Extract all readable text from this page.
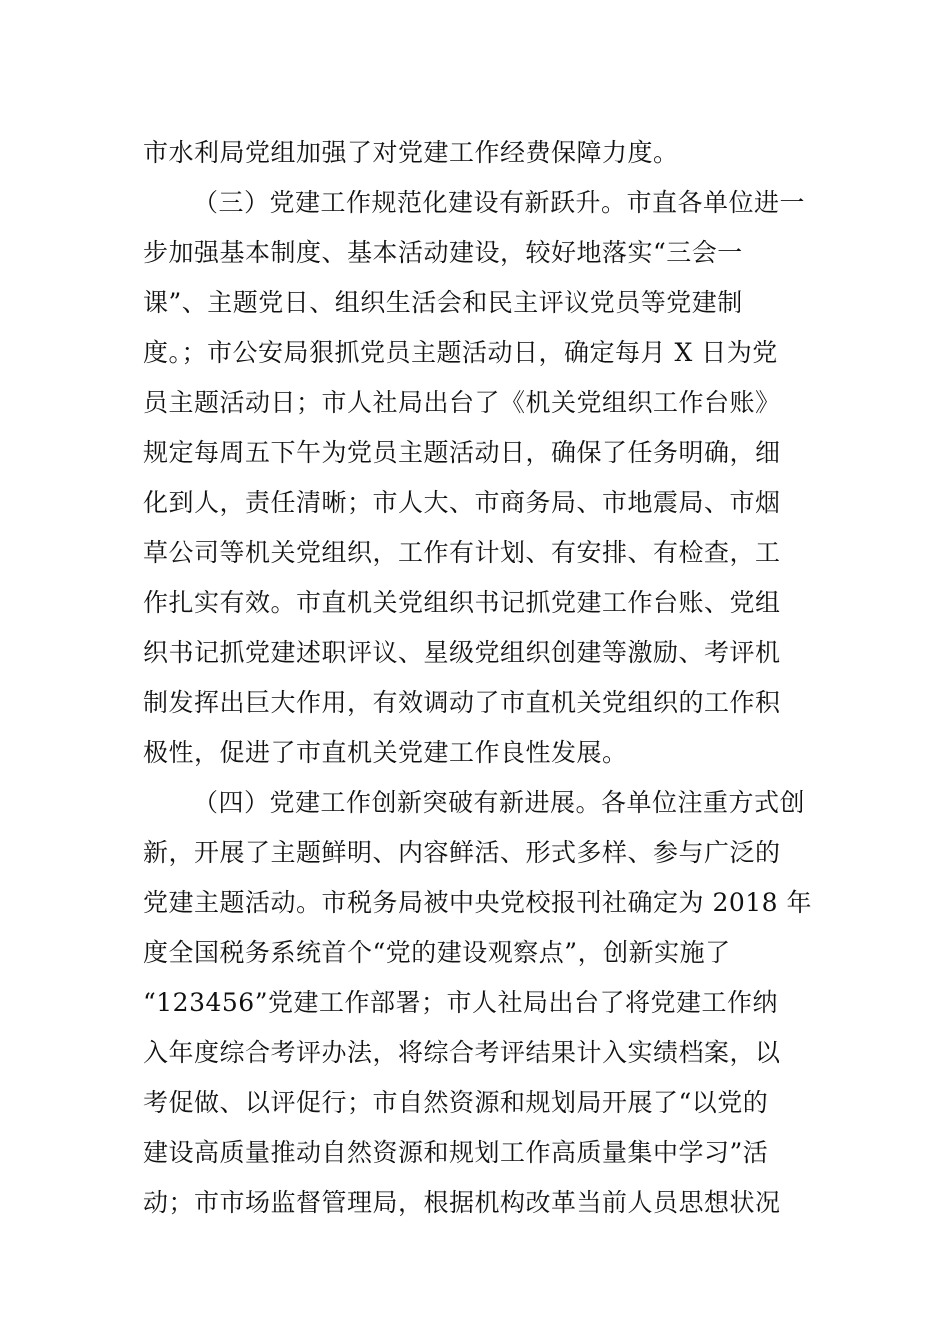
市水利局党组加强了对党建工作经费保障力度。
（三）党建工作规范化建设有新跃升。市直各单位进一
步加强基本制度、基本活动建设，较好地落实“三会一
课”、主题党日、组织生活会和民主评议党员等党建制
度。；市公安局狠抓党员主题活动日，确定每月 X 日为党
员主题活动日；市人社局出台了《机关党组织工作台账》
规定每周五下午为党员主题活动日，确保了任务明确，细
化到人，责任清晰；市人大、市商务局、市地震局、市烟
草公司等机关党组织，工作有计划、有安排、有检查，工
作扎实有效。市直机关党组织书记抓党建工作台账、党组
织书记抓党建述职评议、星级党组织创建等激励、考评机
制发挥出巨大作用，有效调动了市直机关党组织的工作积
极性，促进了市直机关党建工作良性发展。
（四）党建工作创新突破有新进展。各单位注重方式创
新，开展了主题鲜明、内容鲜活、形式多样、参与广泛的
党建主题活动。市税务局被中央党校报刊社确定为 2018 年
度全国税务系统首个“党的建设观察点”，创新实施了
“123456”党建工作部署；市人社局出台了将党建工作纳
入年度综合考评办法，将综合考评结果计入实绩档案，以
考促做、以评促行；市自然资源和规划局开展了“以党的
建设高质量推动自然资源和规划工作高质量集中学习”活
动；市市场监督管理局，根据机构改革当前人员思想状况
